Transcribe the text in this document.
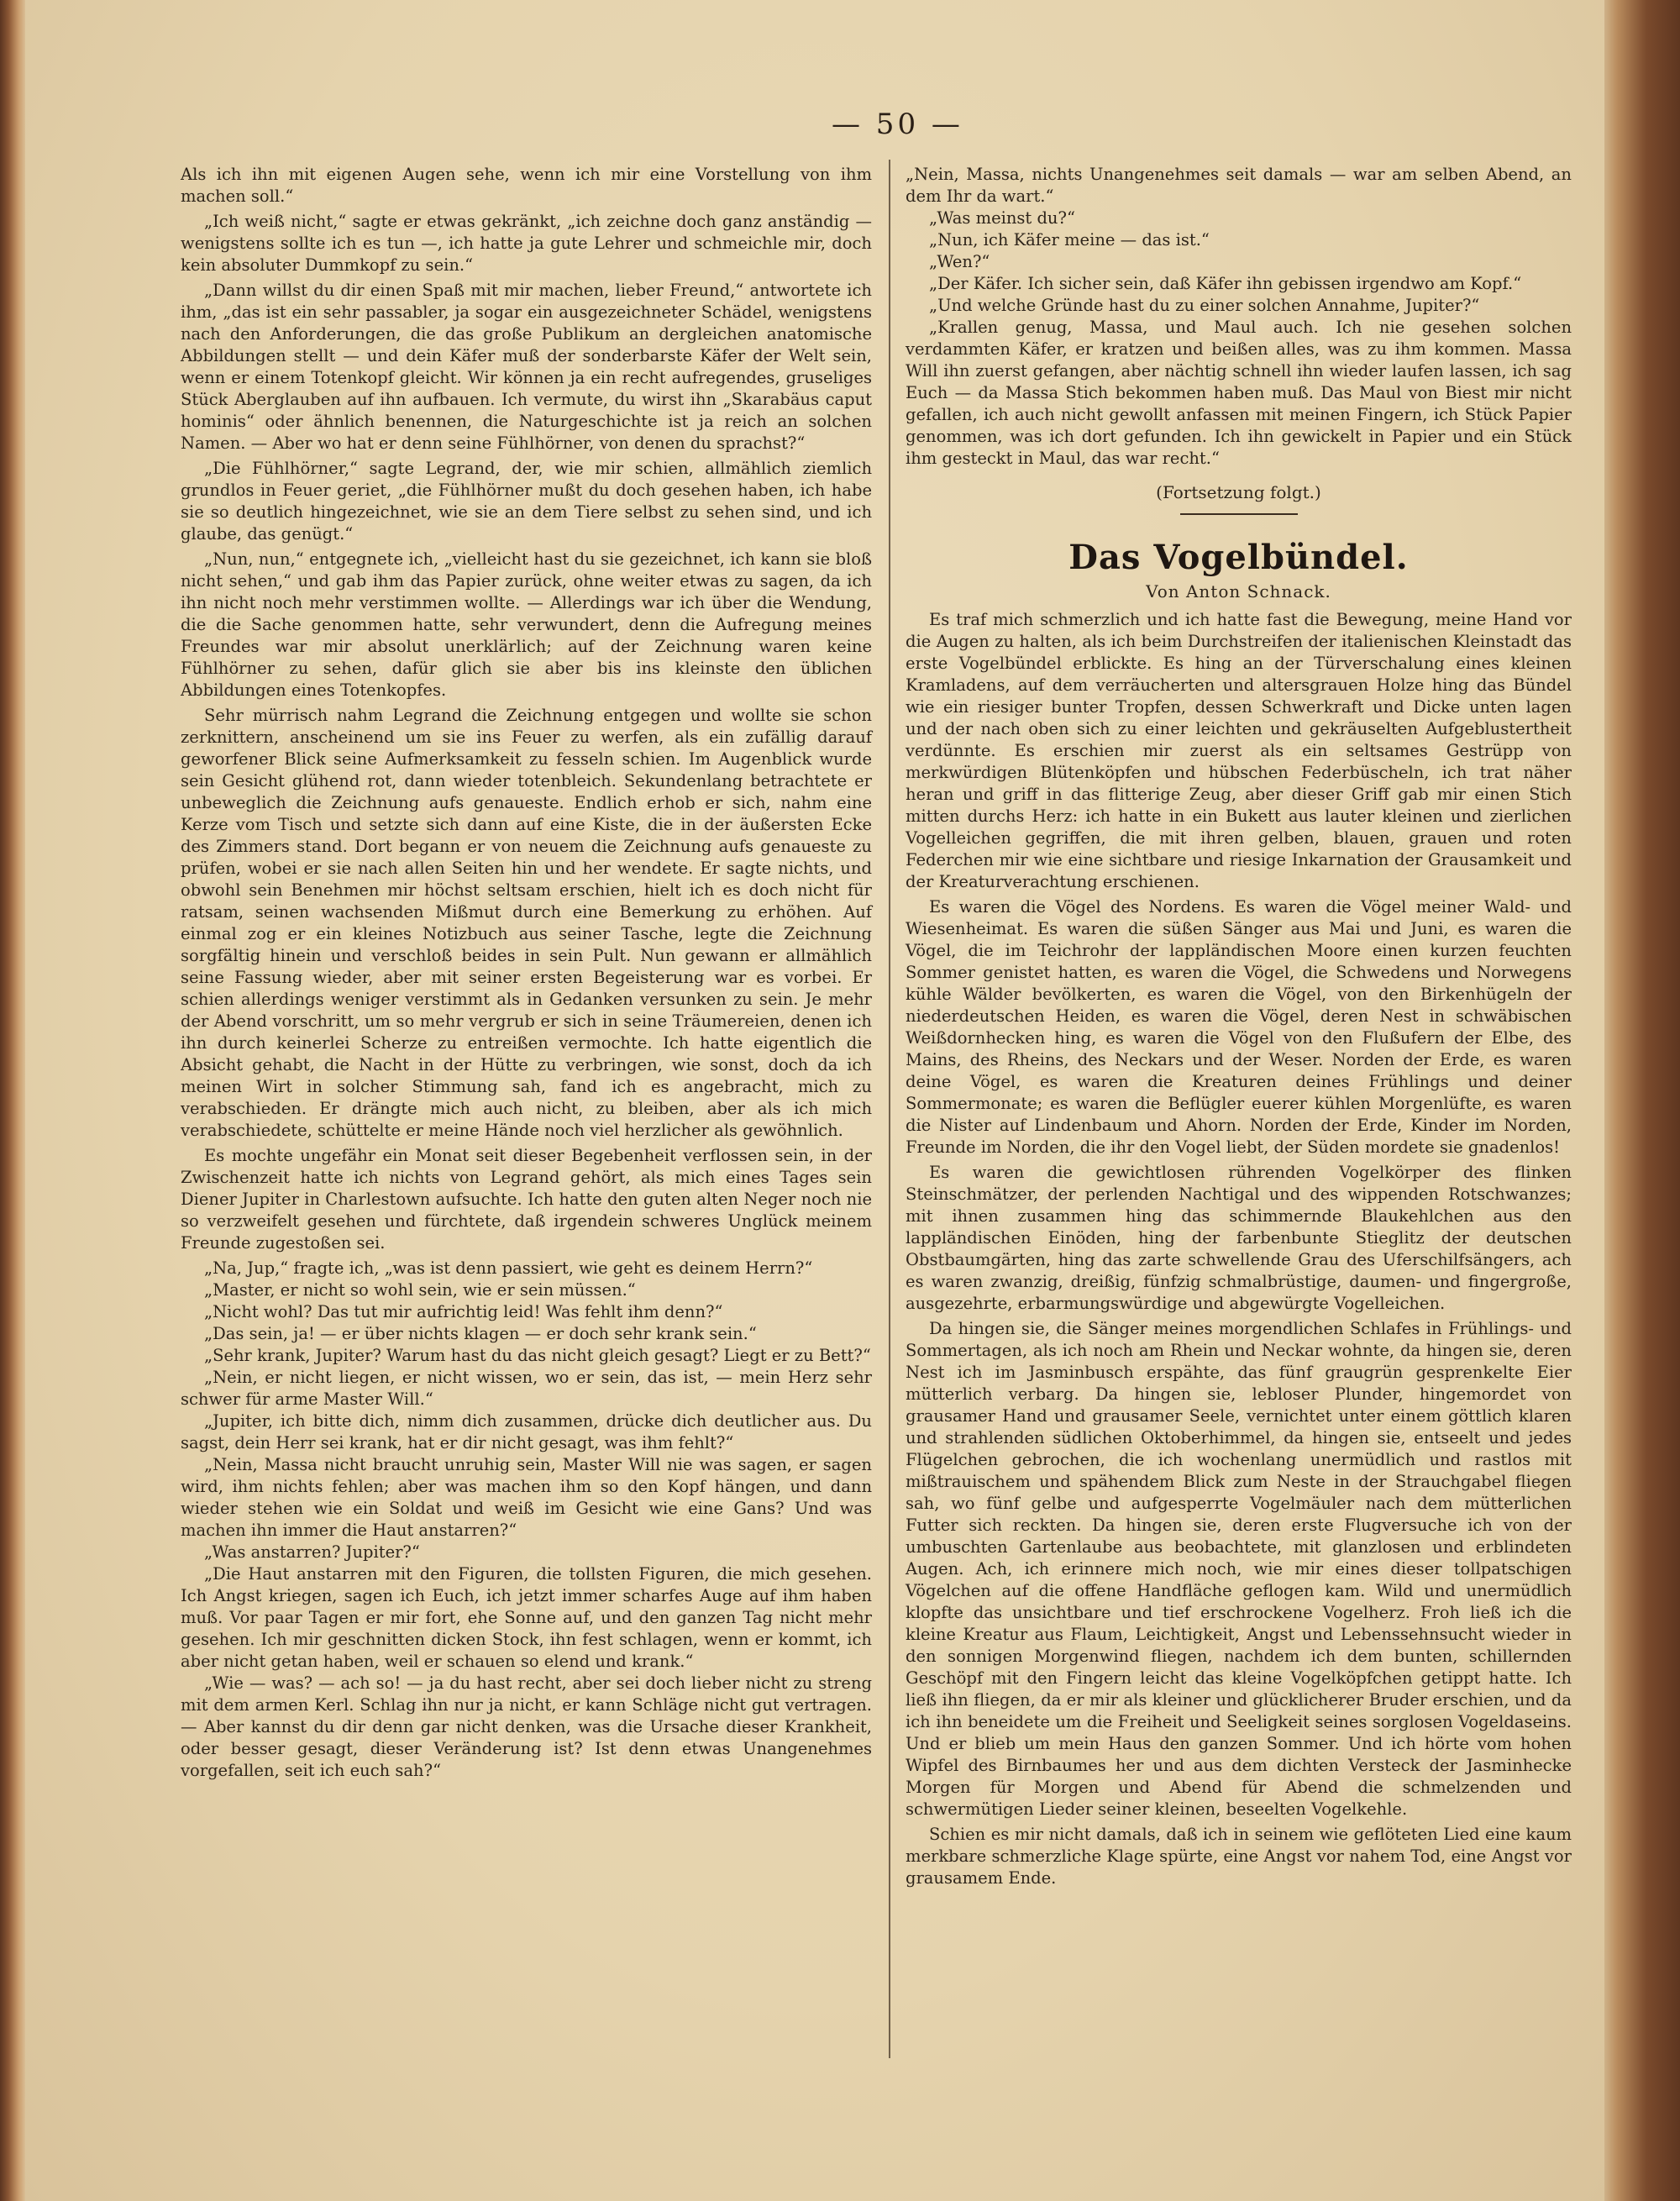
— 50 —

Als ich ihn mit eigenen Augen sehe, wenn ich mir eine Vorstellung von ihm machen soll.“

„Ich weiß nicht,“ sagte er etwas gekränkt, „ich zeichne doch ganz anständig — wenigstens sollte ich es tun —, ich hatte ja gute Lehrer und schmeichle mir, doch kein absoluter Dummkopf zu sein.“

„Dann willst du dir einen Spaß mit mir machen, lieber Freund,“ antwortete ich ihm, „das ist ein sehr passabler, ja sogar ein ausgezeichneter Schädel, wenigstens nach den Anforderungen, die das große Publikum an dergleichen anatomische Abbildungen stellt — und dein Käfer muß der sonderbarste Käfer der Welt sein, wenn er einem Totenkopf gleicht. Wir können ja ein recht aufregendes, gruseliges Stück Aberglauben auf ihn aufbauen. Ich vermute, du wirst ihn „Skarabäus caput hominis“ oder ähnlich benennen, die Naturgeschichte ist ja reich an solchen Namen. — Aber wo hat er denn seine Fühlhörner, von denen du sprachst?“

„Die Fühlhörner,“ sagte Legrand, der, wie mir schien, allmählich ziemlich grundlos in Feuer geriet, „die Fühlhörner mußt du doch gesehen haben, ich habe sie so deutlich hingezeichnet, wie sie an dem Tiere selbst zu sehen sind, und ich glaube, das genügt.“

„Nun, nun,“ entgegnete ich, „vielleicht hast du sie gezeichnet, ich kann sie bloß nicht sehen,“ und gab ihm das Papier zurück, ohne weiter etwas zu sagen, da ich ihn nicht noch mehr verstimmen wollte. — Allerdings war ich über die Wendung, die die Sache genommen hatte, sehr verwundert, denn die Aufregung meines Freundes war mir absolut unerklärlich; auf der Zeichnung waren keine Fühlhörner zu sehen, dafür glich sie aber bis ins kleinste den üblichen Abbildungen eines Totenkopfes.

Sehr mürrisch nahm Legrand die Zeichnung entgegen und wollte sie schon zerknittern, anscheinend um sie ins Feuer zu werfen, als ein zufällig darauf geworfener Blick seine Aufmerksamkeit zu fesseln schien. Im Augenblick wurde sein Gesicht glühend rot, dann wieder totenbleich. Sekundenlang betrachtete er unbeweglich die Zeichnung aufs genaueste. Endlich erhob er sich, nahm eine Kerze vom Tisch und setzte sich dann auf eine Kiste, die in der äußersten Ecke des Zimmers stand. Dort begann er von neuem die Zeichnung aufs genaueste zu prüfen, wobei er sie nach allen Seiten hin und her wendete. Er sagte nichts, und obwohl sein Benehmen mir höchst seltsam erschien, hielt ich es doch nicht für ratsam, seinen wachsenden Mißmut durch eine Bemerkung zu erhöhen. Auf einmal zog er ein kleines Notizbuch aus seiner Tasche, legte die Zeichnung sorgfältig hinein und verschloß beides in sein Pult. Nun gewann er allmählich seine Fassung wieder, aber mit seiner ersten Begeisterung war es vorbei. Er schien allerdings weniger verstimmt als in Gedanken versunken zu sein. Je mehr der Abend vorschritt, um so mehr vergrub er sich in seine Träumereien, denen ich ihn durch keinerlei Scherze zu entreißen vermochte. Ich hatte eigentlich die Absicht gehabt, die Nacht in der Hütte zu verbringen, wie sonst, doch da ich meinen Wirt in solcher Stimmung sah, fand ich es angebracht, mich zu verabschieden. Er drängte mich auch nicht, zu bleiben, aber als ich mich verabschiedete, schüttelte er meine Hände noch viel herzlicher als gewöhnlich.

Es mochte ungefähr ein Monat seit dieser Begebenheit verflossen sein, in der Zwischenzeit hatte ich nichts von Legrand gehört, als mich eines Tages sein Diener Jupiter in Charlestown aufsuchte. Ich hatte den guten alten Neger noch nie so verzweifelt gesehen und fürchtete, daß irgendein schweres Unglück meinem Freunde zugestoßen sei.

„Na, Jup,“ fragte ich, „was ist denn passiert, wie geht es deinem Herrn?“

„Master, er nicht so wohl sein, wie er sein müssen.“

„Nicht wohl? Das tut mir aufrichtig leid! Was fehlt ihm denn?“

„Das sein, ja! — er über nichts klagen — er doch sehr krank sein.“

„Sehr krank, Jupiter? Warum hast du das nicht gleich gesagt? Liegt er zu Bett?“

„Nein, er nicht liegen, er nicht wissen, wo er sein, das ist, — mein Herz sehr schwer für arme Master Will.“

„Jupiter, ich bitte dich, nimm dich zusammen, drücke dich deutlicher aus. Du sagst, dein Herr sei krank, hat er dir nicht gesagt, was ihm fehlt?“

„Nein, Massa nicht braucht unruhig sein, Master Will nie was sagen, er sagen wird, ihm nichts fehlen; aber was machen ihm so den Kopf hängen, und dann wieder stehen wie ein Soldat und weiß im Gesicht wie eine Gans? Und was machen ihn immer die Haut anstarren?“

„Was anstarren? Jupiter?“

„Die Haut anstarren mit den Figuren, die tollsten Figuren, die mich gesehen. Ich Angst kriegen, sagen ich Euch, ich jetzt immer scharfes Auge auf ihm haben muß. Vor paar Tagen er mir fort, ehe Sonne auf, und den ganzen Tag nicht mehr gesehen. Ich mir geschnitten dicken Stock, ihn fest schlagen, wenn er kommt, ich aber nicht getan haben, weil er schauen so elend und krank.“

„Wie — was? — ach so! — ja du hast recht, aber sei doch lieber nicht zu streng mit dem armen Kerl. Schlag ihn nur ja nicht, er kann Schläge nicht gut vertragen. — Aber kannst du dir denn gar nicht denken, was die Ursache dieser Krankheit, oder besser gesagt, dieser Veränderung ist? Ist denn etwas Unangenehmes vorgefallen, seit ich euch sah?“

„Nein, Massa, nichts Unangenehmes seit damals — war am selben Abend, an dem Ihr da wart.“

„Was meinst du?“

„Nun, ich Käfer meine — das ist.“

„Wen?“

„Der Käfer. Ich sicher sein, daß Käfer ihn gebissen irgendwo am Kopf.“

„Und welche Gründe hast du zu einer solchen Annahme, Jupiter?“

„Krallen genug, Massa, und Maul auch. Ich nie gesehen solchen verdammten Käfer, er kratzen und beißen alles, was zu ihm kommen. Massa Will ihn zuerst gefangen, aber nächtig schnell ihn wieder laufen lassen, ich sag Euch — da Massa Stich bekommen haben muß. Das Maul von Biest mir nicht gefallen, ich auch nicht gewollt anfassen mit meinen Fingern, ich Stück Papier genommen, was ich dort gefunden. Ich ihn gewickelt in Papier und ein Stück ihm gesteckt in Maul, das war recht.“

(Fortsetzung folgt.)

Das Vogelbündel.
Von Anton Schnack.

Es traf mich schmerzlich und ich hatte fast die Bewegung, meine Hand vor die Augen zu halten, als ich beim Durchstreifen der italienischen Kleinstadt das erste Vogelbündel erblickte. Es hing an der Türverschalung eines kleinen Kramladens, auf dem verräucherten und altersgrauen Holze hing das Bündel wie ein riesiger bunter Tropfen, dessen Schwerkraft und Dicke unten lagen und der nach oben sich zu einer leichten und gekräuselten Aufgeblustertheit verdünnte. Es erschien mir zuerst als ein seltsames Gestrüpp von merkwürdigen Blütenköpfen und hübschen Federbüscheln, ich trat näher heran und griff in das flitterige Zeug, aber dieser Griff gab mir einen Stich mitten durchs Herz: ich hatte in ein Bukett aus lauter kleinen und zierlichen Vogelleichen gegriffen, die mit ihren gelben, blauen, grauen und roten Federchen mir wie eine sichtbare und riesige Inkarnation der Grausamkeit und der Kreaturverachtung erschienen.

Es waren die Vögel des Nordens. Es waren die Vögel meiner Wald- und Wiesenheimat. Es waren die süßen Sänger aus Mai und Juni, es waren die Vögel, die im Teichrohr der lappländischen Moore einen kurzen feuchten Sommer genistet hatten, es waren die Vögel, die Schwedens und Norwegens kühle Wälder bevölkerten, es waren die Vögel, von den Birkenhügeln der niederdeutschen Heiden, es waren die Vögel, deren Nest in schwäbischen Weißdornhecken hing, es waren die Vögel von den Flußufern der Elbe, des Mains, des Rheins, des Neckars und der Weser. Norden der Erde, es waren deine Vögel, es waren die Kreaturen deines Frühlings und deiner Sommermonate; es waren die Beflügler euerer kühlen Morgenlüfte, es waren die Nister auf Lindenbaum und Ahorn. Norden der Erde, Kinder im Norden, Freunde im Norden, die ihr den Vogel liebt, der Süden mordete sie gnadenlos!

Es waren die gewichtlosen rührenden Vogelkörper des flinken Steinschmätzer, der perlenden Nachtigal und des wippenden Rotschwanzes; mit ihnen zusammen hing das schimmernde Blaukehlchen aus den lappländischen Einöden, hing der farbenbunte Stieglitz der deutschen Obstbaumgärten, hing das zarte schwellende Grau des Uferschilfsängers, ach es waren zwanzig, dreißig, fünfzig schmalbrüstige, daumen- und fingergroße, ausgezehrte, erbarmungswürdige und abgewürgte Vogelleichen.

Da hingen sie, die Sänger meines morgendlichen Schlafes in Frühlings- und Sommertagen, als ich noch am Rhein und Neckar wohnte, da hingen sie, deren Nest ich im Jasminbusch erspähte, das fünf graugrün gesprenkelte Eier mütterlich verbarg. Da hingen sie, lebloser Plunder, hingemordet von grausamer Hand und grausamer Seele, vernichtet unter einem göttlich klaren und strahlenden südlichen Oktoberhimmel, da hingen sie, entseelt und jedes Flügelchen gebrochen, die ich wochenlang unermüdlich und rastlos mit mißtrauischem und spähendem Blick zum Neste in der Strauchgabel fliegen sah, wo fünf gelbe und aufgesperrte Vogelmäuler nach dem mütterlichen Futter sich reckten. Da hingen sie, deren erste Flugversuche ich von der umbuschten Gartenlaube aus beobachtete, mit glanzlosen und erblindeten Augen. Ach, ich erinnere mich noch, wie mir eines dieser tollpatschigen Vögelchen auf die offene Handfläche geflogen kam. Wild und unermüdlich klopfte das unsichtbare und tief erschrockene Vogelherz. Froh ließ ich die kleine Kreatur aus Flaum, Leichtigkeit, Angst und Lebenssehnsucht wieder in den sonnigen Morgenwind fliegen, nachdem ich dem bunten, schillernden Geschöpf mit den Fingern leicht das kleine Vogelköpfchen getippt hatte. Ich ließ ihn fliegen, da er mir als kleiner und glücklicherer Bruder erschien, und da ich ihn beneidete um die Freiheit und Seeligkeit seines sorglosen Vogeldaseins. Und er blieb um mein Haus den ganzen Sommer. Und ich hörte vom hohen Wipfel des Birnbaumes her und aus dem dichten Versteck der Jasminhecke Morgen für Morgen und Abend für Abend die schmelzenden und schwermütigen Lieder seiner kleinen, beseelten Vogelkehle.

Schien es mir nicht damals, daß ich in seinem wie geflöteten Lied eine kaum merkbare schmerzliche Klage spürte, eine Angst vor nahem Tod, eine Angst vor grausamem Ende.
